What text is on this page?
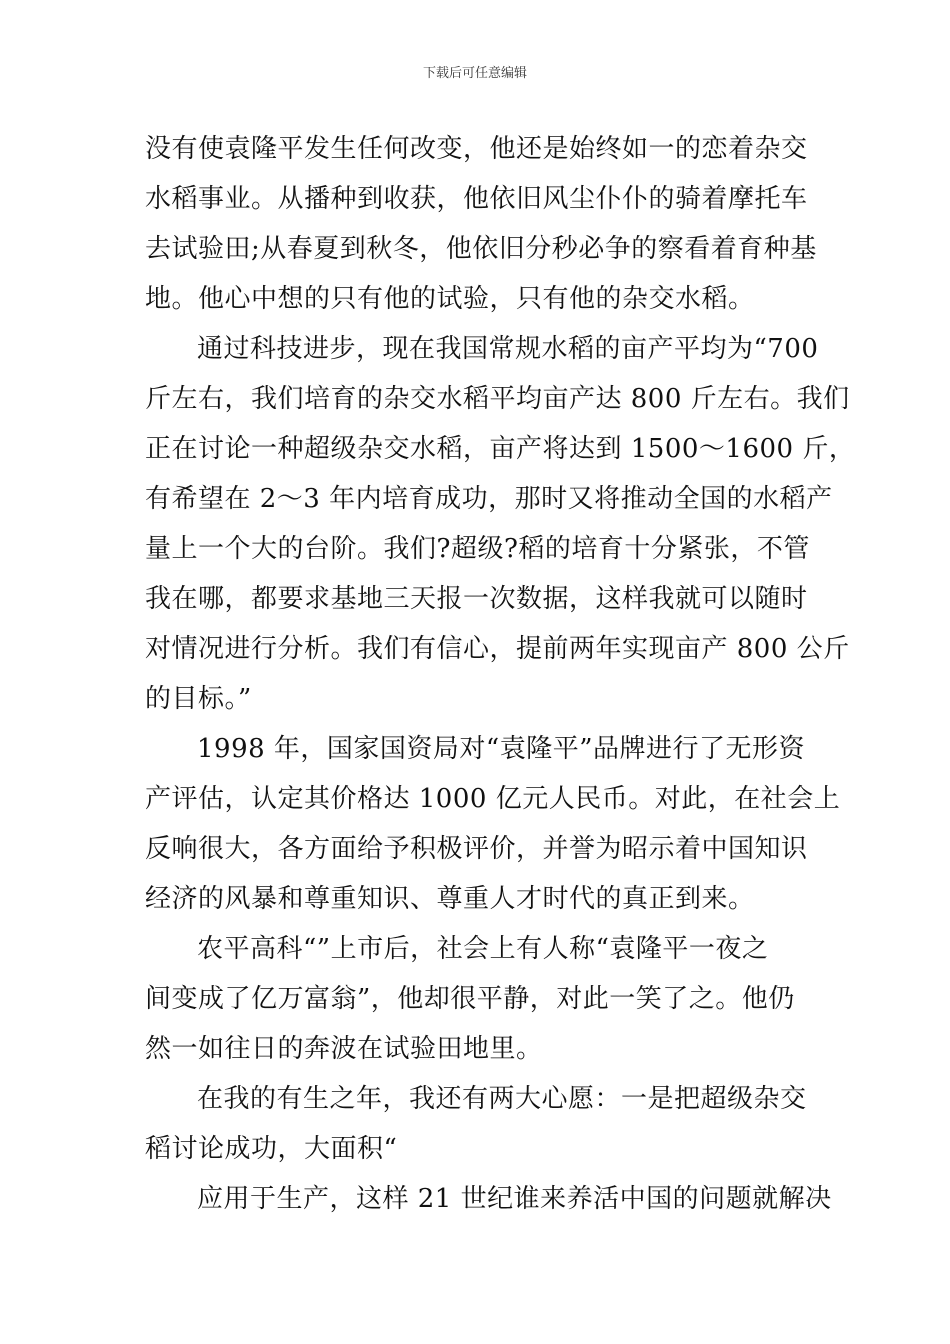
下载后可任意编辑
没有使袁隆平发生任何改变，他还是始终如一的恋着杂交
水稻事业。从播种到收获，他依旧风尘仆仆的骑着摩托车
去试验田;从春夏到秋冬，他依旧分秒必争的察看着育种基
地。他心中想的只有他的试验，只有他的杂交水稻。
通过科技进步，现在我国常规水稻的亩产平均为“700
斤左右，我们培育的杂交水稻平均亩产达 800 斤左右。我们
正在讨论一种超级杂交水稻，亩产将达到 1500～1600 斤，
有希望在 2～3 年内培育成功，那时又将推动全国的水稻产
量上一个大的台阶。我们?超级?稻的培育十分紧张，不管
我在哪，都要求基地三天报一次数据，这样我就可以随时
对情况进行分析。我们有信心，提前两年实现亩产 800 公斤
的目标。”
1998 年，国家国资局对“袁隆平”品牌进行了无形资
产评估，认定其价格达 1000 亿元人民币。对此，在社会上
反响很大，各方面给予积极评价，并誉为昭示着中国知识
经济的风暴和尊重知识、尊重人才时代的真正到来。
农平高科“”上市后，社会上有人称“袁隆平一夜之
间变成了亿万富翁”，他却很平静，对此一笑了之。他仍
然一如往日的奔波在试验田地里。
在我的有生之年，我还有两大心愿：一是把超级杂交
稻讨论成功，大面积“
应用于生产，这样 21 世纪谁来养活中国的问题就解决
